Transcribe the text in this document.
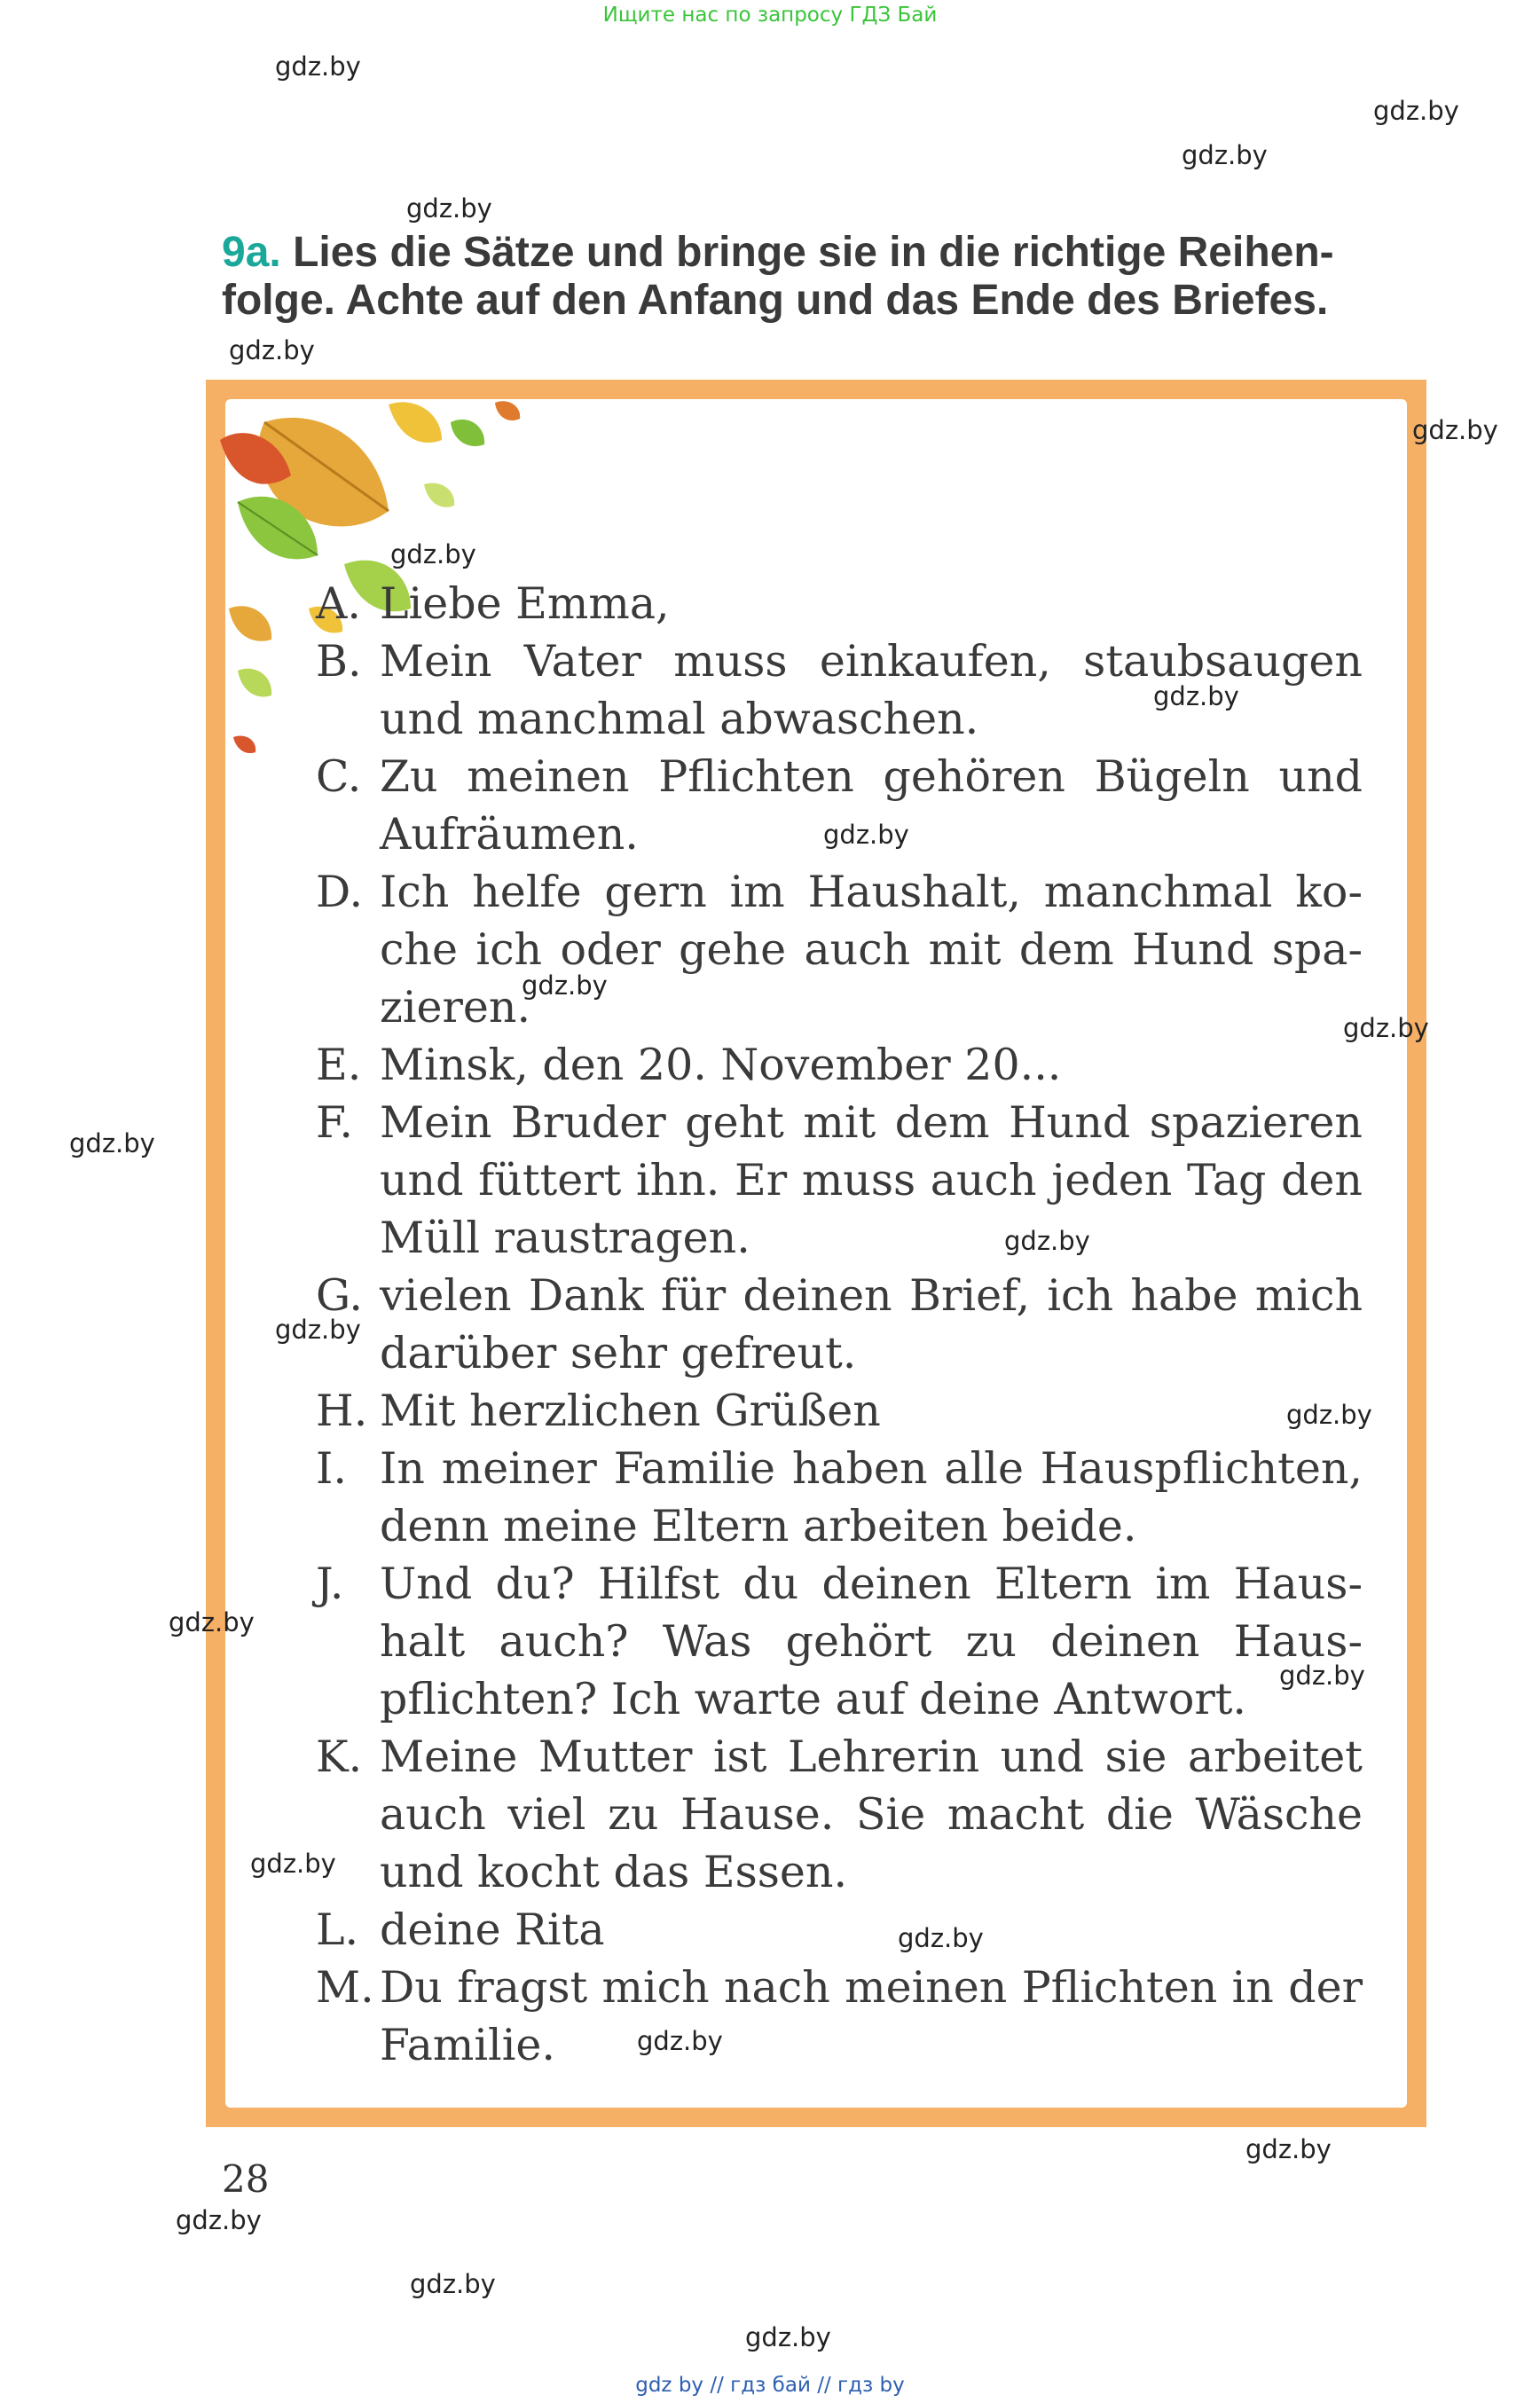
Ищите нас по запросу ГДЗ Бай
gdz.by
gdz.by
gdz.by
gdz.by
9a. Lies die Sätze und bringe sie in die richtige Reihen-
folge. Achte auf den Anfang und das Ende des Briefes.
gdz.by
A. Liebe Emma,
B. Mein Vater muss einkaufen, staubsaugen und manchmal abwaschen.
C. Zu meinen Pflichten gehören Bügeln und Aufräumen.
D. Ich helfe gern im Haushalt, manchmal koche ich oder gehe auch mit dem Hund spazieren.
E. Minsk, den 20. November 20...
F. Mein Bruder geht mit dem Hund spazieren und füttert ihn. Er muss auch jeden Tag den Müll raustragen.
G. vielen Dank für deinen Brief, ich habe mich darüber sehr gefreut.
H. Mit herzlichen Grüßen
I. In meiner Familie haben alle Hauspflichten, denn meine Eltern arbeiten beide.
J. Und du? Hilfst du deinen Eltern im Haushalt auch? Was gehört zu deinen Hauspflichten? Ich warte auf deine Antwort.
K. Meine Mutter ist Lehrerin und sie arbeitet auch viel zu Hause. Sie macht die Wäsche und kocht das Essen.
L. deine Rita
M. Du fragst mich nach meinen Pflichten in der Familie.
gdz.by
gdz.by
gdz.by
gdz.by
gdz.by
gdz.by
gdz.by
gdz.by
gdz.by
gdz.by
gdz.by
gdz.by
gdz.by
gdz.by
gdz.by
gdz.by
28
gdz.by
gdz.by
gdz.by
gdz by // гдз бай // гдз by
